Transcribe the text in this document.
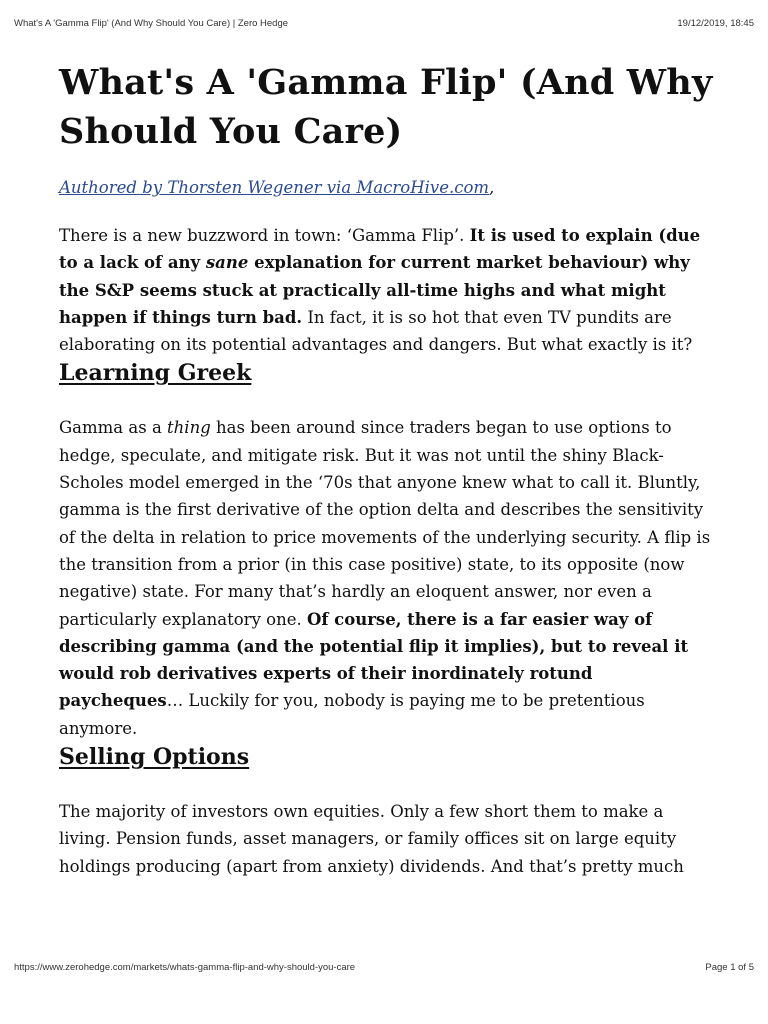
What's A 'Gamma Flip' (And Why Should You Care) | Zero Hedge	19/12/2019, 18:45
What's A 'Gamma Flip' (And Why Should You Care)

Authored by Thorsten Wegener via MacroHive.com,

There is a new buzzword in town: ‘Gamma Flip’. It is used to explain (due to a lack of any sane explanation for current market behaviour) why the S&P seems stuck at practically all-time highs and what might happen if things turn bad. In fact, it is so hot that even TV pundits are elaborating on its potential advantages and dangers. But what exactly is it?

Learning Greek

Gamma as a thing has been around since traders began to use options to hedge, speculate, and mitigate risk. But it was not until the shiny Black-Scholes model emerged in the ‘70s that anyone knew what to call it. Bluntly, gamma is the first derivative of the option delta and describes the sensitivity of the delta in relation to price movements of the underlying security. A flip is the transition from a prior (in this case positive) state, to its opposite (now negative) state. For many that’s hardly an eloquent answer, nor even a particularly explanatory one. Of course, there is a far easier way of describing gamma (and the potential flip it implies), but to reveal it would rob derivatives experts of their inordinately rotund paycheques… Luckily for you, nobody is paying me to be pretentious anymore.

Selling Options

The majority of investors own equities. Only a few short them to make a living. Pension funds, asset managers, or family offices sit on large equity holdings producing (apart from anxiety) dividends. And that’s pretty much

https://www.zerohedge.com/markets/whats-gamma-flip-and-why-should-you-care	Page 1 of 5
